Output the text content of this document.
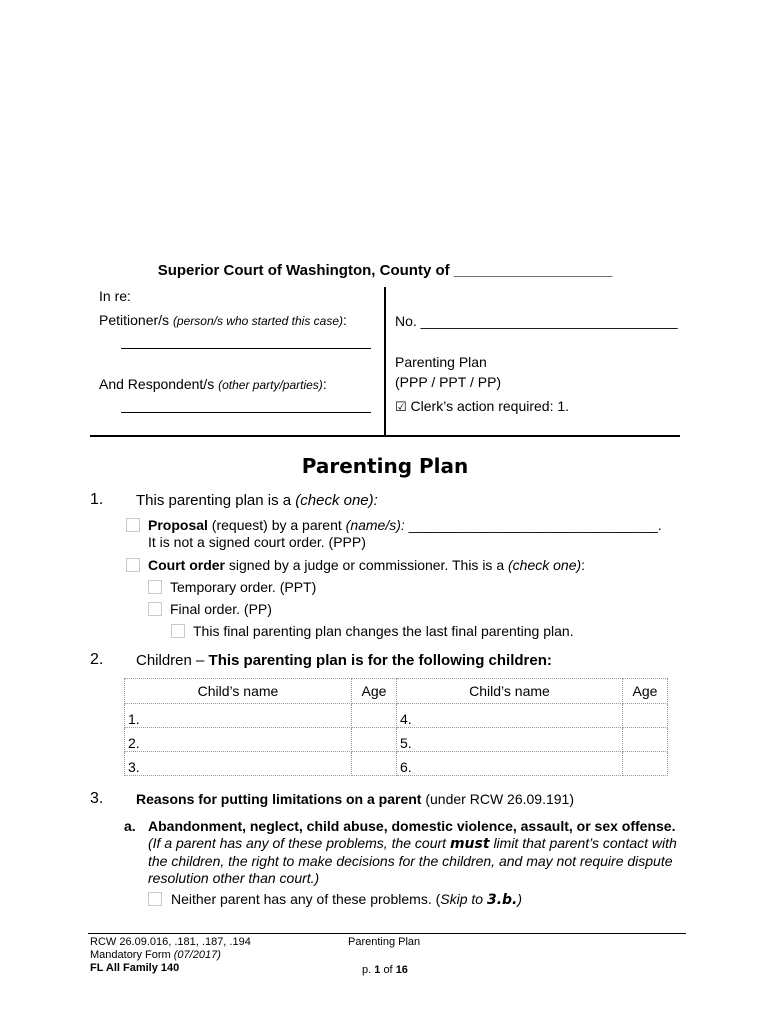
Superior Court of Washington, County of ___________________
In re:
Petitioner/s (person/s who started this case):
And Respondent/s (other party/parties):
No. _________________________________
Parenting Plan
(PPP / PPT / PP)
☑ Clerk’s action required: 1.
Parenting Plan
1. This parenting plan is a (check one):
Proposal (request) by a parent (name/s): ________________________________.
It is not a signed court order. (PPP)
Court order signed by a judge or commissioner. This is a (check one):
Temporary order. (PPT)
Final order. (PP)
This final parenting plan changes the last final parenting plan.
2. Children – This parenting plan is for the following children:
Child’s name	Age	Child’s name	Age
1.		4.	
2.		5.	
3.		6.	
3. Reasons for putting limitations on a parent (under RCW 26.09.191)
a. Abandonment, neglect, child abuse, domestic violence, assault, or sex offense.
(If a parent has any of these problems, the court must limit that parent’s contact with the children, the right to make decisions for the children, and may not require dispute resolution other than court.)
Neither parent has any of these problems. (Skip to 3.b.)
RCW 26.09.016, .181, .187, .194
Mandatory Form (07/2017)
FL All Family 140
Parenting Plan
p. 1 of 16
